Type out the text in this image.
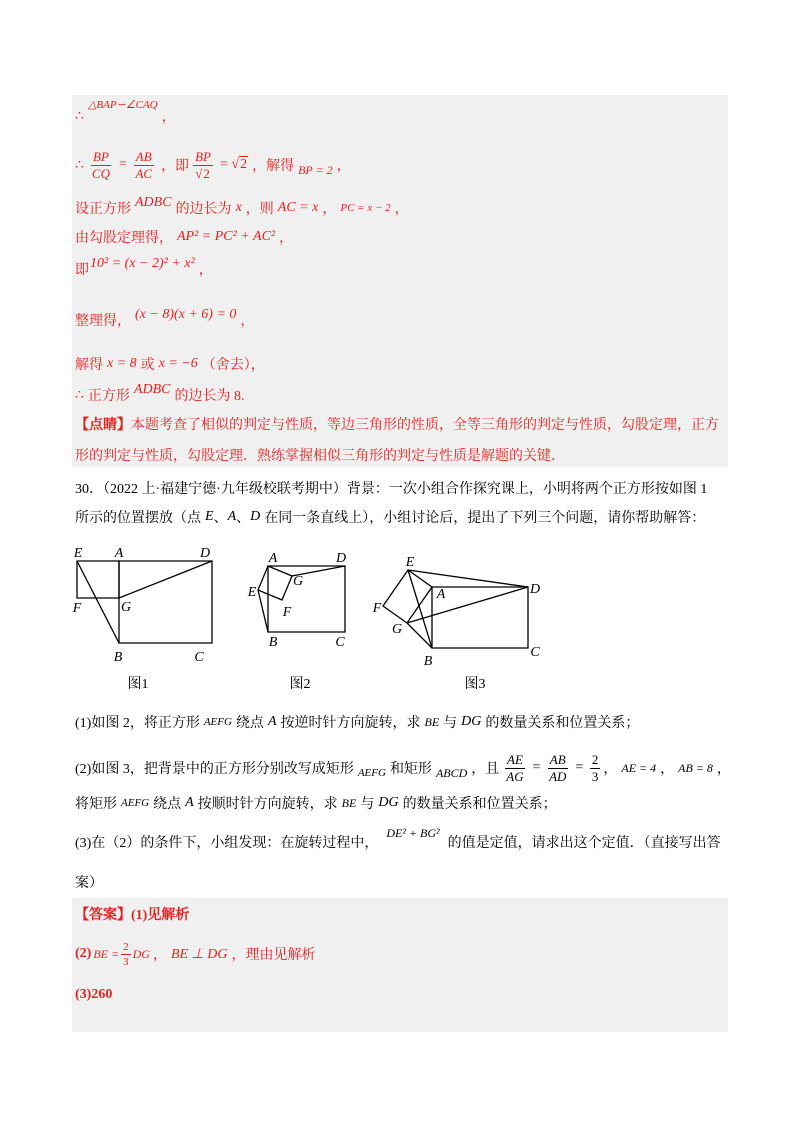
∴
△BAP∽∠CAQ
，
∴ $\frac{BP}{CQ} = \frac{AB}{AC}$ ，即 $\frac{BP}{√2} = √2$ ，解得 BP = 2 ，
设正方形 ADBC 的边长为 x ，则 AC = x ， PC = x − 2 ，
由勾股定理得， AP² = PC² + AC² ，
即 10² = (x − 2)² + x² ，
整理得， (x − 8)(x + 6) = 0 ，
解得 x = 8 或 x = −6 （舍去），
∴ 正方形 ADBC 的边长为 8.
【点睛】 本题考查了相似的判定与性质，等边三角形的性质，全等三角形的判定与性质，勾股定理，正方
形的判定与性质，勾股定理．熟练掌握相似三角形的判定与性质是解题的关键．
30．（2022 上·福建宁德·九年级校联考期中）背景：一次小组合作探究课上，小明将两个正方形按如图 1
所示的位置摆放（点 E 、 A 、 D 在同一条直线上），小组讨论后，提出了下列三个问题，请你帮助解答：
E A	D
F	G
B	C
图1
A	D
E
G
F
B	C
图2
E
A	D
F
G
B
C
图3
(1)如图 2，将正方形 AEFG 绕点 A 按逆时针方向旋转，求 BE 与 DG 的数量关系和位置关系；
(2)如图 3，把背景中的正方形分别改写成矩形 AEFG 和矩形 ABCD ，且 $\frac{AE}{AG} = \frac{AB}{AD} = \frac{2}{3}$ ， AE = 4 ， AB = 8 ，
将矩形 AEFG 绕点 A 按顺时针方向旋转，求 BE 与 DG 的数量关系和位置关系；
(3)在（2）的条件下，小组发现：在旋转过程中，
DE² + BG²
的值是定值，请求出这个定值．（直接写出答
案）
【答案】 (1)见解析
(2) BE = $\frac{2}{3}$ DG ， BE ⊥ DG ，理由见解析
(3)260
